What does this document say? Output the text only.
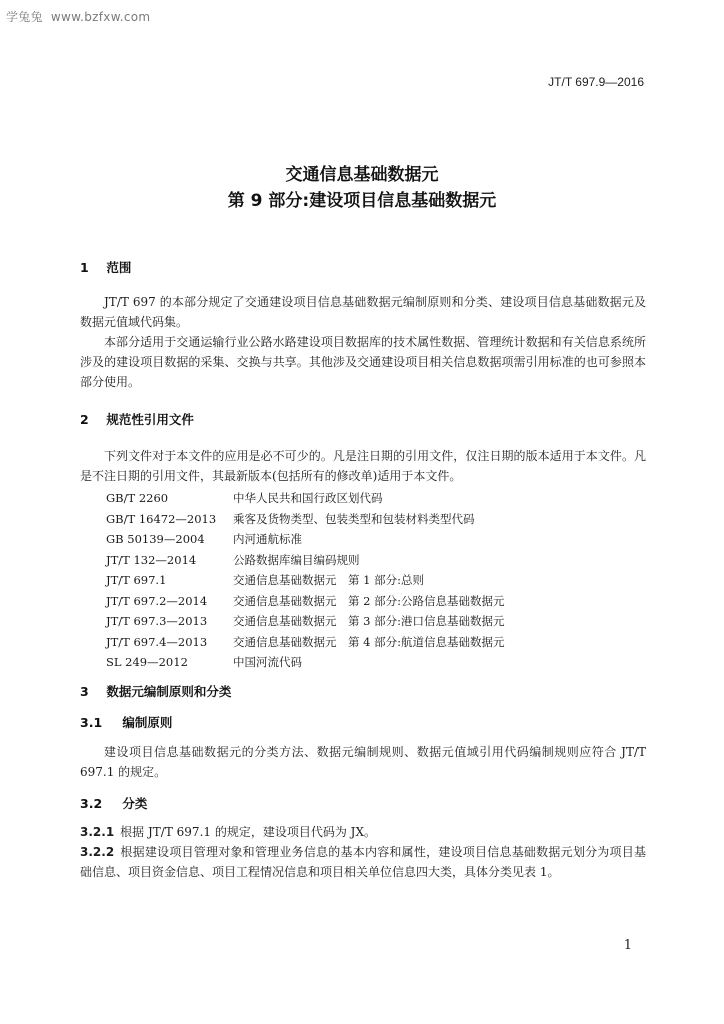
学兔兔 www.bzfxw.com
JT/T 697.9—2016
交通信息基础数据元
第 9 部分:建设项目信息基础数据元
1 范围
JT/T 697 的本部分规定了交通建设项目信息基础数据元编制原则和分类、建设项目信息基础数据元及数据元值域代码集。
本部分适用于交通运输行业公路水路建设项目数据库的技术属性数据、管理统计数据和有关信息系统所涉及的建设项目数据的采集、交换与共享。其他涉及交通建设项目相关信息数据项需引用标准的也可参照本部分使用。
2 规范性引用文件
下列文件对于本文件的应用是必不可少的。凡是注日期的引用文件，仅注日期的版本适用于本文件。凡是不注日期的引用文件，其最新版本(包括所有的修改单)适用于本文件。
GB/T 2260	中华人民共和国行政区划代码
GB/T 16472—2013	乘客及货物类型、包装类型和包装材料类型代码
GB 50139—2004	内河通航标准
JT/T 132—2014	公路数据库编目编码规则
JT/T 697.1	交通信息基础数据元　第 1 部分:总则
JT/T 697.2—2014	交通信息基础数据元　第 2 部分:公路信息基础数据元
JT/T 697.3—2013	交通信息基础数据元　第 3 部分:港口信息基础数据元
JT/T 697.4—2013	交通信息基础数据元　第 4 部分:航道信息基础数据元
SL 249—2012	中国河流代码
3 数据元编制原则和分类
3.1 编制原则
建设项目信息基础数据元的分类方法、数据元编制规则、数据元值域引用代码编制规则应符合 JT/T 697.1 的规定。
3.2 分类
3.2.1 根据 JT/T 697.1 的规定，建设项目代码为 JX。
3.2.2 根据建设项目管理对象和管理业务信息的基本内容和属性，建设项目信息基础数据元划分为项目基础信息、项目资金信息、项目工程情况信息和项目相关单位信息四大类，具体分类见表 1。
1
